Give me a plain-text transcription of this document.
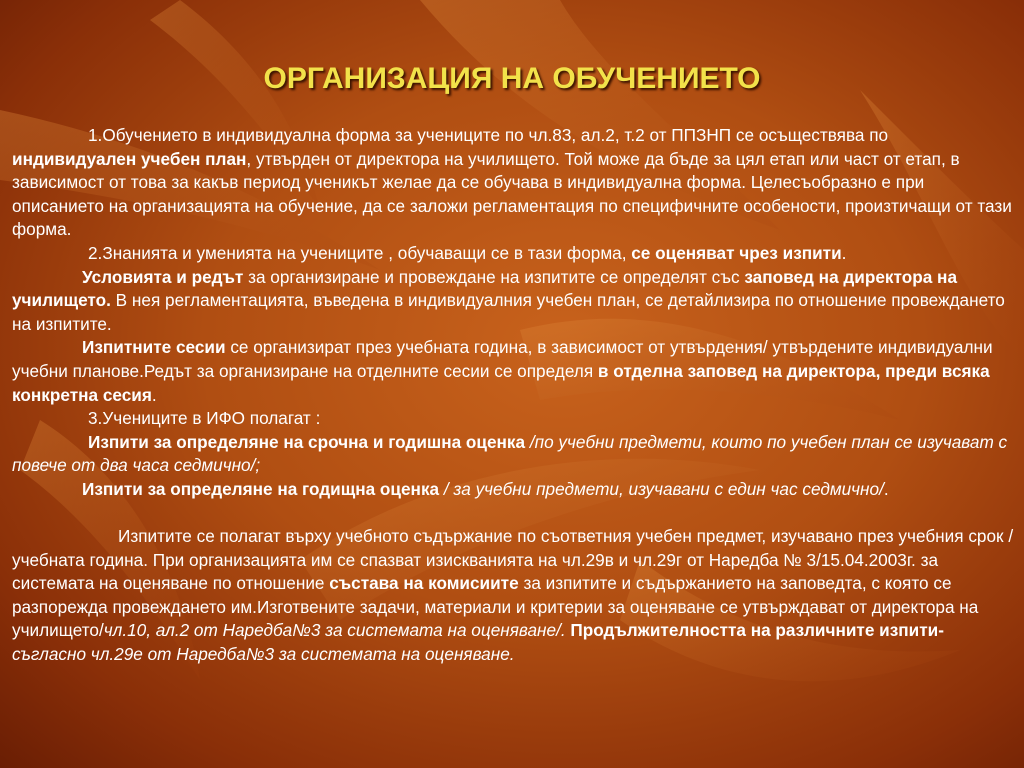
ОРГАНИЗАЦИЯ НА ОБУЧЕНИЕТО

1.Обучението в индивидуална форма за учениците по чл.83, ал.2, т.2 от ППЗНП се осъществява по индивидуален учебен план, утвърден от директора на училището. Той може да бъде за цял етап или част от етап, в зависимост от това за какъв период ученикът желае да се обучава в индивидуална форма. Целесъобразно е при описанието на организацията на обучение, да се заложи регламентация по специфичните особености, произтичащи от тази форма.

2.Знанията и уменията на учениците , обучаващи се в тази форма, се оценяват чрез изпити.

Условията и редът за организиране и провеждане на изпитите се определят със заповед на директора на училището. В нея регламентацията, въведена в индивидуалния учебен план, се детайлизира по отношение провеждането на изпитите.

Изпитните сесии се организират през учебната година, в зависимост от утвърдения/ утвърдените индивидуални учебни планове.Редът за организиране на отделните сесии се определя в отделна заповед на директора, преди всяка конкретна сесия.

3.Учениците в ИФО полагат :

Изпити за определяне на срочна и годишна оценка /по учебни предмети, които по учебен план се изучават с повече от два часа седмично/;

Изпити за определяне на годищна оценка / за учебни предмети, изучавани с един час седмично/.

Изпитите се полагат върху учебното съдържание по съответния учебен предмет, изучавано през учебния срок / учебната година. При организацията им се спазват изискванията на чл.29в и чл.29г от Наредба № 3/15.04.2003г. за системата на оценяване по отношение състава на комисиите за изпитите и съдържанието на заповедта, с която се разпорежда провеждането им.Изготвените задачи, материали и критерии за оценяване се утвърждават от директора на училището/чл.10, ал.2 от Наредба№3 за системата на оценяване/. Продължителността на различните изпити- съгласно чл.29е от Наредба№3 за системата на оценяване.
